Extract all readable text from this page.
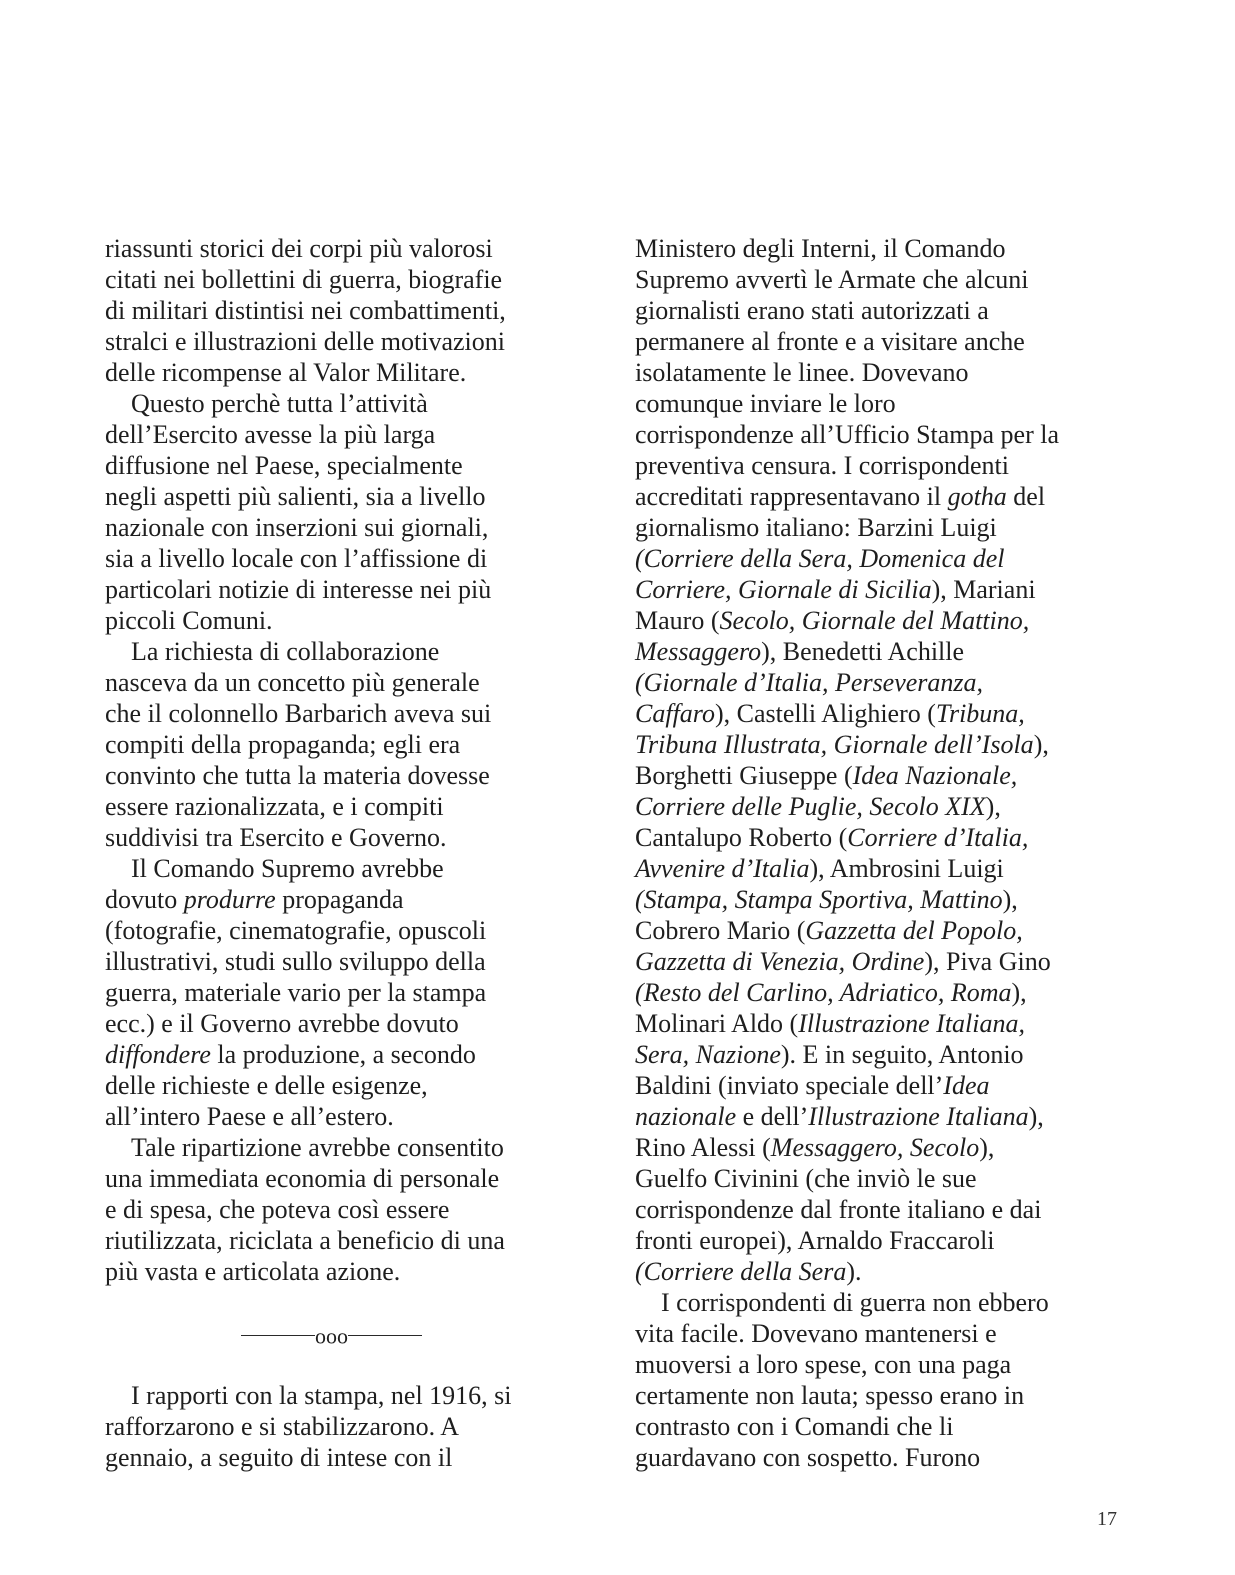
riassunti storici dei corpi più valorosi
citati nei bollettini di guerra, biografie
di militari distintisi nei combattimenti,
stralci e illustrazioni delle motivazioni
delle ricompense al Valor Militare.
Questo perchè tutta l’attività
dell’Esercito avesse la più larga
diffusione nel Paese, specialmente
negli aspetti più salienti, sia a livello
nazionale con inserzioni sui giornali,
sia a livello locale con l’affissione di
particolari notizie di interesse nei più
piccoli Comuni.
La richiesta di collaborazione
nasceva da un concetto più generale
che il colonnello Barbarich aveva sui
compiti della propaganda; egli era
convinto che tutta la materia dovesse
essere razionalizzata, e i compiti
suddivisi tra Esercito e Governo.
Il Comando Supremo avrebbe
dovuto produrre propaganda
(fotografie, cinematografie, opuscoli
illustrativi, studi sullo sviluppo della
guerra, materiale vario per la stampa
ecc.) e il Governo avrebbe dovuto
diffondere la produzione, a secondo
delle richieste e delle esigenze,
all’intero Paese e all’estero.
Tale ripartizione avrebbe consentito
una immediata economia di personale
e di spesa, che poteva così essere
riutilizzata, riciclata a beneficio di una
più vasta e articolata azione.
ooo
I rapporti con la stampa, nel 1916, si
rafforzarono e si stabilizzarono. A
gennaio, a seguito di intese con il
Ministero degli Interni, il Comando
Supremo avvertì le Armate che alcuni
giornalisti erano stati autorizzati a
permanere al fronte e a visitare anche
isolatamente le linee. Dovevano
comunque inviare le loro
corrispondenze all’Ufficio Stampa per la
preventiva censura. I corrispondenti
accreditati rappresentavano il gotha del
giornalismo italiano: Barzini Luigi
(Corriere della Sera, Domenica del
Corriere, Giornale di Sicilia), Mariani
Mauro (Secolo, Giornale del Mattino,
Messaggero), Benedetti Achille
(Giornale d’Italia, Perseveranza,
Caffaro), Castelli Alighiero (Tribuna,
Tribuna Illustrata, Giornale dell’Isola),
Borghetti Giuseppe (Idea Nazionale,
Corriere delle Puglie, Secolo XIX),
Cantalupo Roberto (Corriere d’Italia,
Avvenire d’Italia), Ambrosini Luigi
(Stampa, Stampa Sportiva, Mattino),
Cobrero Mario (Gazzetta del Popolo,
Gazzetta di Venezia, Ordine), Piva Gino
(Resto del Carlino, Adriatico, Roma),
Molinari Aldo (Illustrazione Italiana,
Sera, Nazione). E in seguito, Antonio
Baldini (inviato speciale dell’Idea
nazionale e dell’Illustrazione Italiana),
Rino Alessi (Messaggero, Secolo),
Guelfo Civinini (che inviò le sue
corrispondenze dal fronte italiano e dai
fronti europei), Arnaldo Fraccaroli
(Corriere della Sera).
I corrispondenti di guerra non ebbero
vita facile. Dovevano mantenersi e
muoversi a loro spese, con una paga
certamente non lauta; spesso erano in
contrasto con i Comandi che li
guardavano con sospetto. Furono
17
